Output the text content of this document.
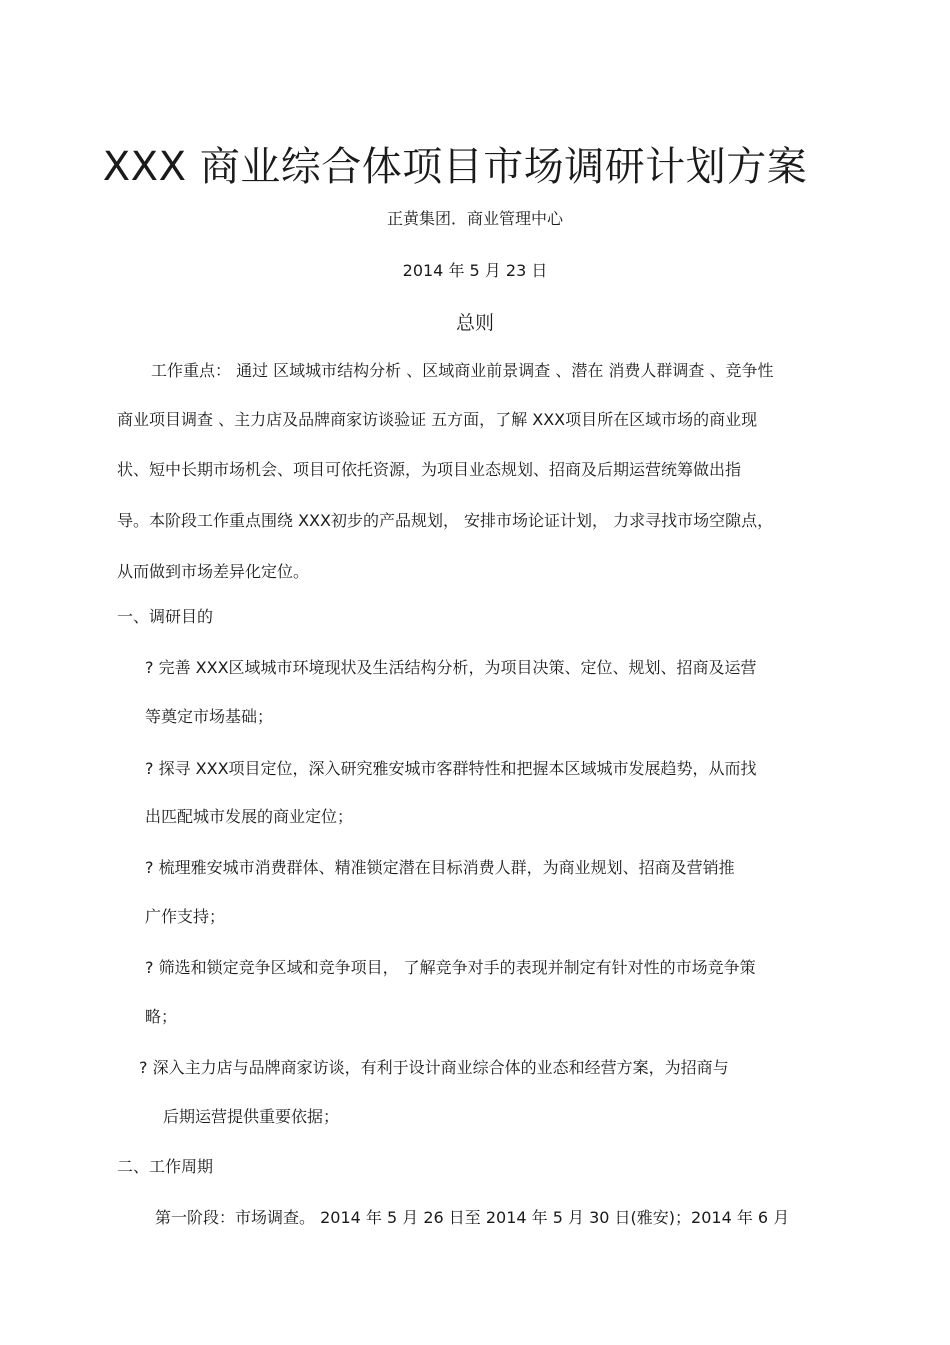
XXX 商业综合体项目市场调研计划方案
正黄集团．商业管理中心
2014 年 5 月 23 日
总则
工作重点： 通过 区域城市结构分析 、区域商业前景调查 、潜在 消费人群调查 、竞争性
商业项目调查 、主力店及品牌商家访谈验证 五方面，了解 XXX项目所在区域市场的商业现
状、短中长期市场机会、项目可依托资源，为项目业态规划、招商及后期运营统筹做出指
导。本阶段工作重点围绕 XXX初步的产品规划， 安排市场论证计划， 力求寻找市场空隙点，
从而做到市场差异化定位。
一、调研目的
? 完善 XXX区域城市环境现状及生活结构分析，为项目决策、定位、规划、招商及运营
等奠定市场基础；
? 探寻 XXX项目定位，深入研究雅安城市客群特性和把握本区域城市发展趋势，从而找
出匹配城市发展的商业定位；
? 梳理雅安城市消费群体、精准锁定潜在目标消费人群，为商业规划、招商及营销推
广作支持；
? 筛选和锁定竞争区域和竞争项目， 了解竞争对手的表现并制定有针对性的市场竞争策
略；
? 深入主力店与品牌商家访谈，有利于设计商业综合体的业态和经营方案，为招商与
后期运营提供重要依据；
二、工作周期
第一阶段：市场调查。 2014 年 5 月 26 日至 2014 年 5 月 30 日(雅安)；2014 年 6 月
